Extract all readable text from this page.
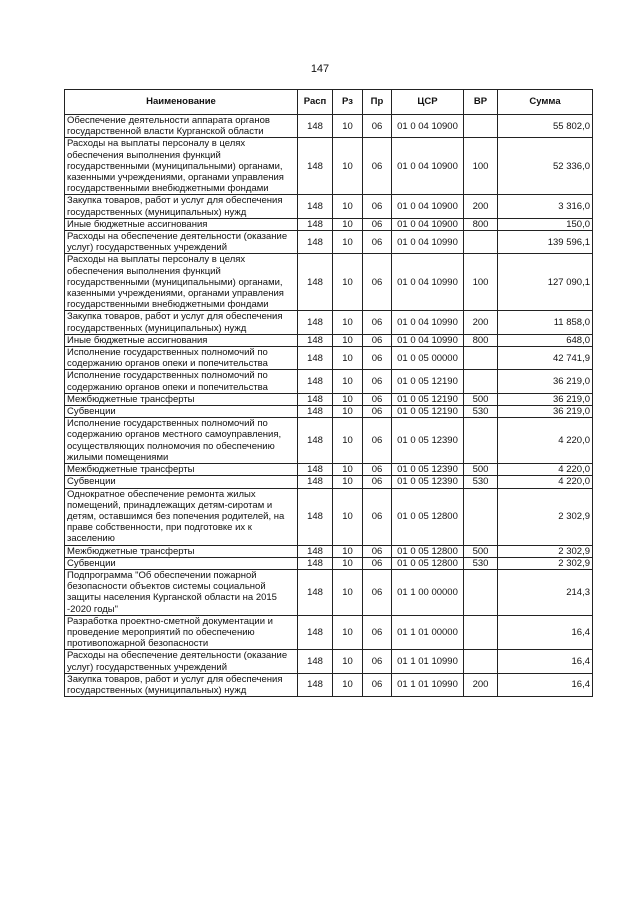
147
Наименование	Расп	Рз	Пр	ЦСР	ВР	Сумма
Обеспечение деятельности аппарата органов государственной власти Курганской области	148	10	06	01 0 04 10900		55 802,0
Расходы на выплаты персоналу в целях обеспечения выполнения функций государственными (муниципальными) органами, казенными учреждениями, органами управления государственными внебюджетными фондами	148	10	06	01 0 04 10900	100	52 336,0
Закупка товаров, работ и услуг для обеспечения государственных (муниципальных) нужд	148	10	06	01 0 04 10900	200	3 316,0
Иные бюджетные ассигнования	148	10	06	01 0 04 10900	800	150,0
Расходы на обеспечение деятельности (оказание услуг) государственных учреждений	148	10	06	01 0 04 10990		139 596,1
Расходы на выплаты персоналу в целях обеспечения выполнения функций государственными (муниципальными) органами, казенными учреждениями, органами управления государственными внебюджетными фондами	148	10	06	01 0 04 10990	100	127 090,1
Закупка товаров, работ и услуг для обеспечения государственных (муниципальных) нужд	148	10	06	01 0 04 10990	200	11 858,0
Иные бюджетные ассигнования	148	10	06	01 0 04 10990	800	648,0
Исполнение государственных полномочий по содержанию органов опеки и попечительства	148	10	06	01 0 05 00000		42 741,9
Исполнение государственных полномочий по содержанию органов опеки и попечительства	148	10	06	01 0 05 12190		36 219,0
Межбюджетные трансферты	148	10	06	01 0 05 12190	500	36 219,0
Субвенции	148	10	06	01 0 05 12190	530	36 219,0
Исполнение государственных полномочий по содержанию органов местного самоуправления, осуществляющих полномочия по обеспечению жилыми помещениями	148	10	06	01 0 05 12390		4 220,0
Межбюджетные трансферты	148	10	06	01 0 05 12390	500	4 220,0
Субвенции	148	10	06	01 0 05 12390	530	4 220,0
Однократное обеспечение ремонта жилых помещений, принадлежащих детям-сиротам и детям, оставшимся без попечения родителей, на праве собственности, при подготовке их к заселению	148	10	06	01 0 05 12800		2 302,9
Межбюджетные трансферты	148	10	06	01 0 05 12800	500	2 302,9
Субвенции	148	10	06	01 0 05 12800	530	2 302,9
Подпрограмма "Об обеспечении пожарной безопасности объектов системы социальной защиты населения Курганской области на 2015 -2020 годы"	148	10	06	01 1 00 00000		214,3
Разработка проектно-сметной документации и проведение мероприятий по обеспечению противопожарной безопасности	148	10	06	01 1 01 00000		16,4
Расходы на обеспечение деятельности (оказание услуг) государственных учреждений	148	10	06	01 1 01 10990		16,4
Закупка товаров, работ и услуг для обеспечения государственных (муниципальных) нужд	148	10	06	01 1 01 10990	200	16,4
